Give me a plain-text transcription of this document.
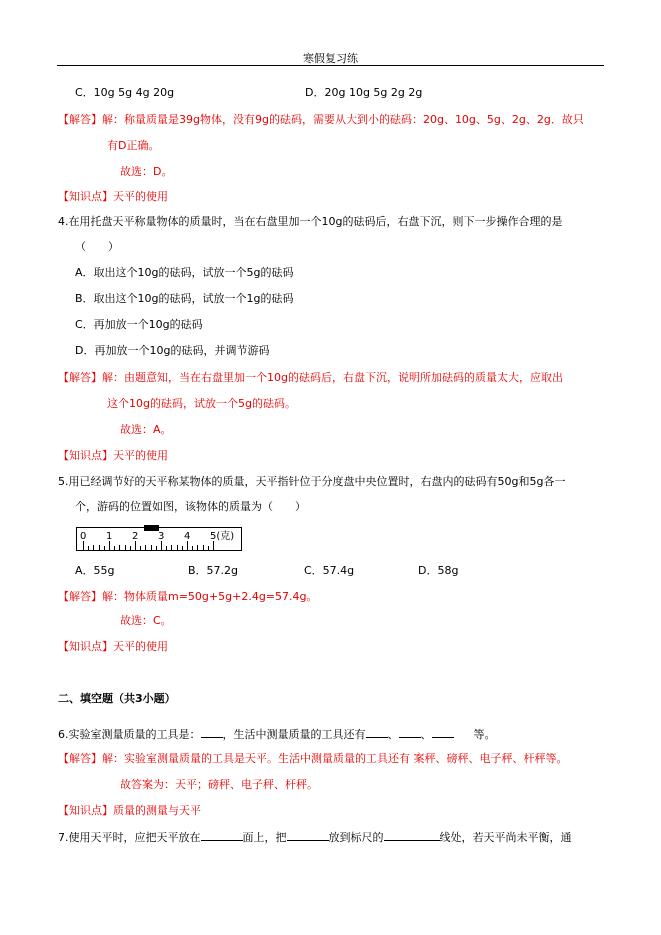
寒假复习练
C．10g 5g 4g 20g	D．20g 10g 5g 2g 2g
【解答】解：称量质量是39g物体，没有9g的砝码，需要从大到小的砝码：20g、10g、5g、2g、2g．故只
有D正确。
故选：D。
【知识点】天平的使用
4.在用托盘天平称量物体的质量时，当在右盘里加一个10g的砝码后，右盘下沉，则下一步操作合理的是
（　　）
A．取出这个10g的砝码，试放一个5g的砝码
B．取出这个10g的砝码，试放一个1g的砝码
C．再加放一个10g的砝码
D．再加放一个10g的砝码，并调节游码
【解答】解：由题意知，当在右盘里加一个10g的砝码后，右盘下沉，说明所加砝码的质量太大，应取出
这个10g的砝码，试放一个5g的砝码。
故选：A。
【知识点】天平的使用
5.用已经调节好的天平称某物体的质量，天平指针位于分度盘中央位置时，右盘内的砝码有50g和5g各一
个，游码的位置如图，该物体的质量为（　　）
0 1 2 3 4 5(克)
A．55g	B．57.2g	C．57.4g	D．58g
【解答】解：物体质量m=50g+5g+2.4g=57.4g。
故选：C。
【知识点】天平的使用
二、填空题（共3小题）
6.实验室测量质量的工具是： ，生活中测量质量的工具还有 、 、	等。
【解答】解：实验室测量质量的工具是天平。生活中测量质量的工具还有 案秤、磅秤、电子秤、杆秤等。
故答案为：天平；磅秤、电子秤、杆秤。
【知识点】质量的测量与天平
7.使用天平时，应把天平放在	面上，把	放到标尺的	线处，若天平尚未平衡，通
